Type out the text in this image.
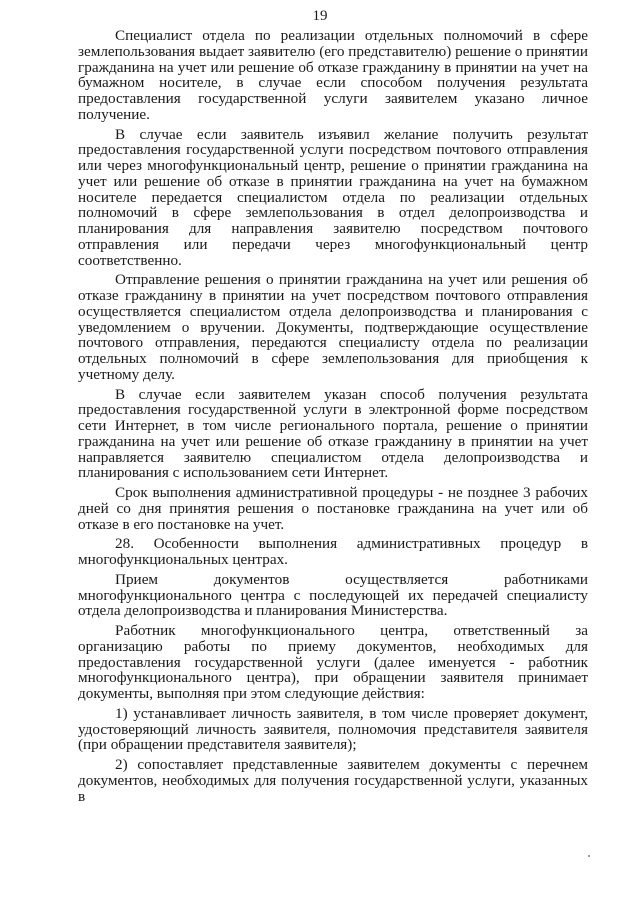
19

Специалист отдела по реализации отдельных полномочий в сфере землепользования выдает заявителю (его представителю) решение о принятии гражданина на учет или решение об отказе гражданину в принятии на учет на бумажном носителе, в случае если способом получения результата предоставления государственной услуги заявителем указано личное получение.

В случае если заявитель изъявил желание получить результат предоставления государственной услуги посредством почтового отправления или через многофункциональный центр, решение о принятии гражданина на учет или решение об отказе в принятии гражданина на учет на бумажном носителе передается специалистом отдела по реализации отдельных полномочий в сфере землепользования в отдел делопроизводства и планирования для направления заявителю посредством почтового отправления или передачи через многофункциональный центр соответственно.

Отправление решения о принятии гражданина на учет или решения об отказе гражданину в принятии на учет посредством почтового отправления осуществляется специалистом отдела делопроизводства и планирования с уведомлением о вручении. Документы, подтверждающие осуществление почтового отправления, передаются специалисту отдела по реализации отдельных полномочий в сфере землепользования для приобщения к учетному делу.

В случае если заявителем указан способ получения результата предоставления государственной услуги в электронной форме посредством сети Интернет, в том числе регионального портала, решение о принятии гражданина на учет или решение об отказе гражданину в принятии на учет направляется заявителю специалистом отдела делопроизводства и планирования с использованием сети Интернет.

Срок выполнения административной процедуры - не позднее 3 рабочих дней со дня принятия решения о постановке гражданина на учет или об отказе в его постановке на учет.

28. Особенности выполнения административных процедур в многофункциональных центрах.

Прием документов осуществляется работниками многофункционального центра с последующей их передачей специалисту отдела делопроизводства и планирования Министерства.

Работник многофункционального центра, ответственный за организацию работы по приему документов, необходимых для предоставления государственной услуги (далее именуется - работник многофункционального центра), при обращении заявителя принимает документы, выполняя при этом следующие действия:

1) устанавливает личность заявителя, в том числе проверяет документ, удостоверяющий личность заявителя, полномочия представителя заявителя (при обращении представителя заявителя);

2) сопоставляет представленные заявителем документы с перечнем документов, необходимых для получения государственной услуги, указанных в
